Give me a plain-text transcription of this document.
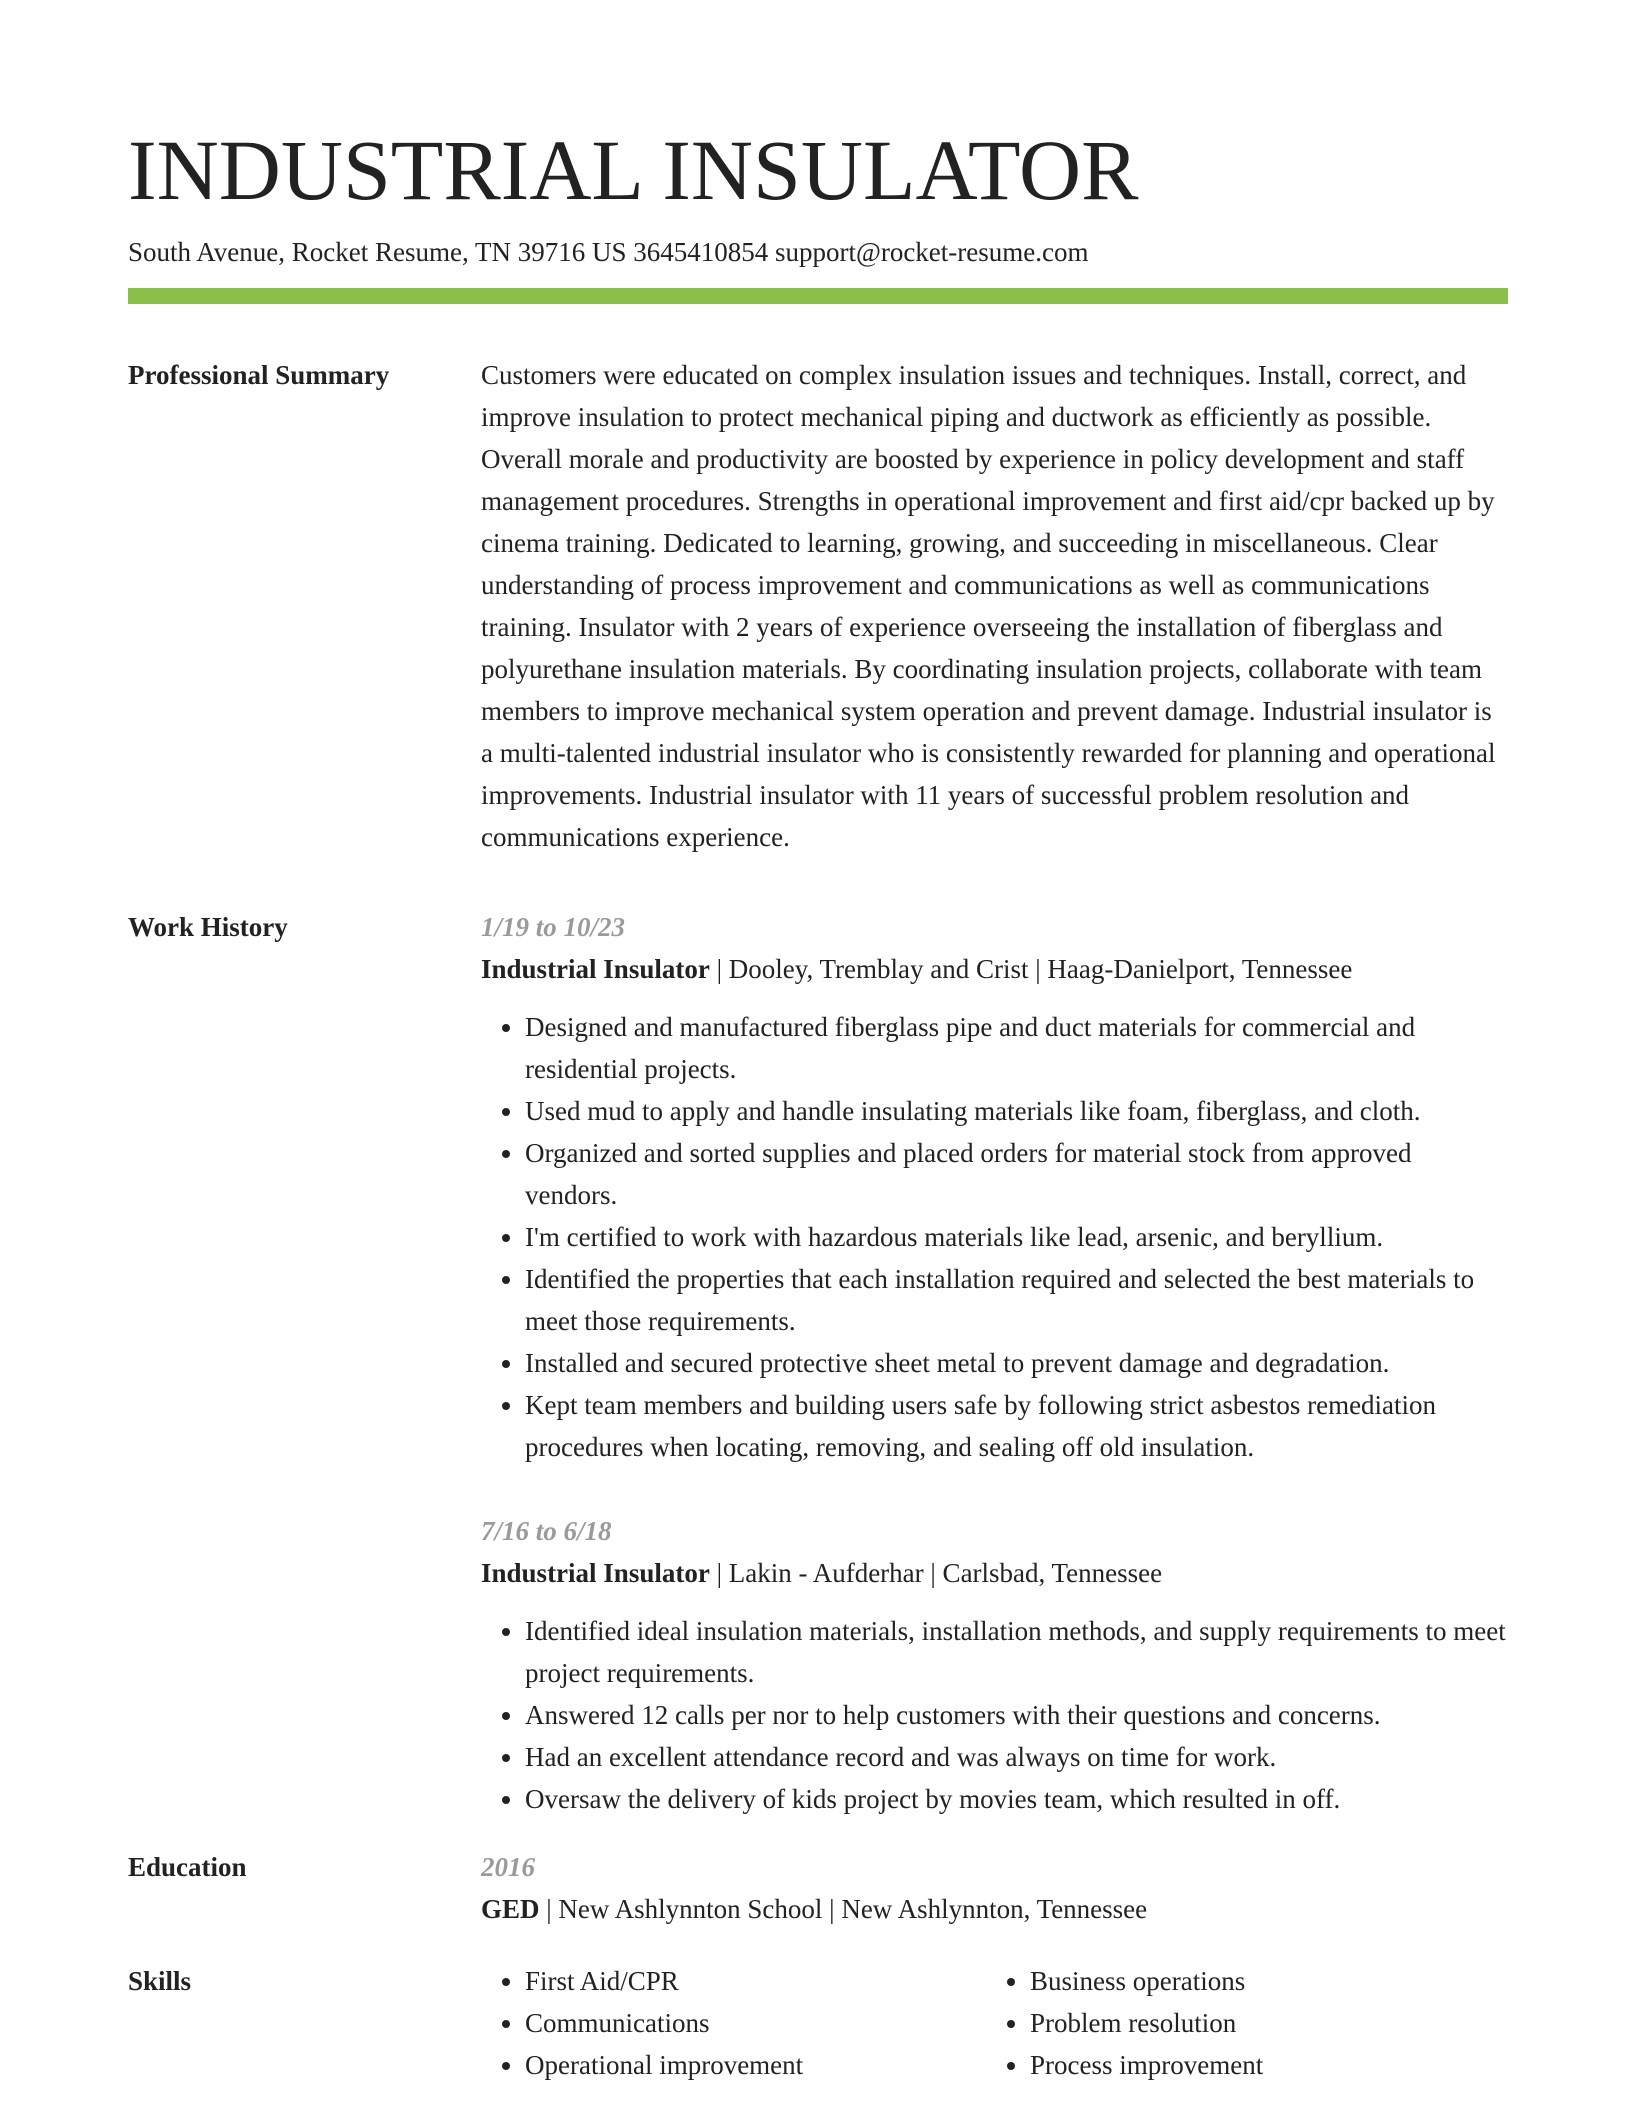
INDUSTRIAL INSULATOR
South Avenue, Rocket Resume, TN 39716 US 3645410854 support@rocket-resume.com
Professional Summary	Customers were educated on complex insulation issues and techniques. Install, correct, and improve insulation to protect mechanical piping and ductwork as efficiently as possible. Overall morale and productivity are boosted by experience in policy development and staff management procedures. Strengths in operational improvement and first aid/cpr backed up by cinema training. Dedicated to learning, growing, and succeeding in miscellaneous. Clear understanding of process improvement and communications as well as communications training. Insulator with 2 years of experience overseeing the installation of fiberglass and polyurethane insulation materials. By coordinating insulation projects, collaborate with team members to improve mechanical system operation and prevent damage. Industrial insulator is a multi-talented industrial insulator who is consistently rewarded for planning and operational improvements. Industrial insulator with 11 years of successful problem resolution and communications experience.

Work History	1/19 to 10/23
Industrial Insulator | Dooley, Tremblay and Crist | Haag-Danielport, Tennessee
• Designed and manufactured fiberglass pipe and duct materials for commercial and residential projects.
• Used mud to apply and handle insulating materials like foam, fiberglass, and cloth.
• Organized and sorted supplies and placed orders for material stock from approved vendors.
• I'm certified to work with hazardous materials like lead, arsenic, and beryllium.
• Identified the properties that each installation required and selected the best materials to meet those requirements.
• Installed and secured protective sheet metal to prevent damage and degradation.
• Kept team members and building users safe by following strict asbestos remediation procedures when locating, removing, and sealing off old insulation.
7/16 to 6/18
Industrial Insulator | Lakin - Aufderhar | Carlsbad, Tennessee
• Identified ideal insulation materials, installation methods, and supply requirements to meet project requirements.
• Answered 12 calls per nor to help customers with their questions and concerns.
• Had an excellent attendance record and was always on time for work.
• Oversaw the delivery of kids project by movies team, which resulted in off.
Education	2016
GED | New Ashlynnton School | New Ashlynnton, Tennessee
Skills
•	First Aid/CPR
• Communications
• Operational improvement
• Business operations
• Problem resolution
• Process improvement
